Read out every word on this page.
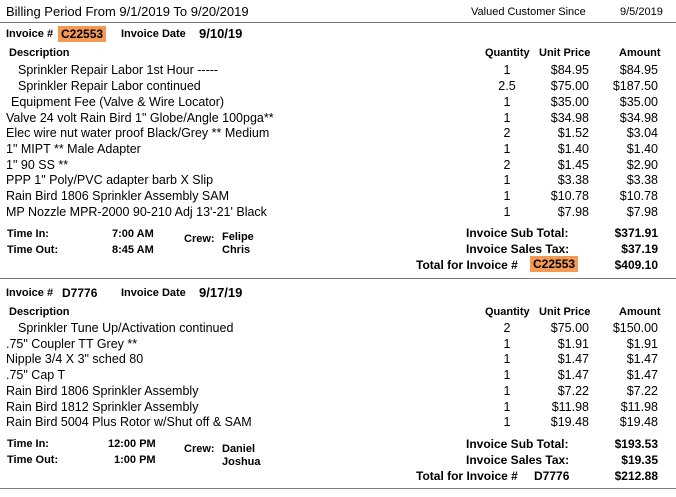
Billing Period From 9/1/2019 To 9/20/2019	Valued Customer Since	9/5/2019
Invoice # C22553 Invoice Date 9/10/19
Description	Quantity Unit Price	Amount
Sprinkler Repair Labor 1st Hour -----	1	$84.95	$84.95
Sprinkler Repair Labor continued	2.5	$75.00	$187.50
Equipment Fee (Valve & Wire Locator)	1	$35.00	$35.00
Valve 24 volt Rain Bird 1" Globe/Angle 100pga**	1	$34.98	$34.98
Elec wire nut water proof Black/Grey ** Medium	2	$1.52	$3.04
1" MIPT ** Male Adapter	1	$1.40	$1.40
1" 90 SS **	2	$1.45	$2.90
PPP 1" Poly/PVC adapter barb X Slip	1	$3.38	$3.38
Rain Bird 1806 Sprinkler Assembly SAM	1	$10.78	$10.78
MP Nozzle MPR-2000 90-210 Adj 13'-21' Black	1	$7.98	$7.98
Time In:	7:00 AM
Time Out:	8:45 AM
Crew: Felipe
Chris
Invoice Sub Total:	$371.91
Invoice Sales Tax:	$37.19
Total for Invoice # C22553	$409.10
Invoice # D7776 Invoice Date 9/17/19
Description	Quantity Unit Price	Amount
Sprinkler Tune Up/Activation continued	2	$75.00	$150.00
.75" Coupler TT Grey **	1	$1.91	$1.91
Nipple 3/4 X 3" sched 80	1	$1.47	$1.47
.75" Cap T	1	$1.47	$1.47
Rain Bird 1806 Sprinkler Assembly	1	$7.22	$7.22
Rain Bird 1812 Sprinkler Assembly	1	$11.98	$11.98
Rain Bird 5004 Plus Rotor w/Shut off & SAM	1	$19.48	$19.48
Time In:	12:00 PM
Time Out:	1:00 PM
Crew: Daniel
Joshua
Invoice Sub Total:	$193.53
Invoice Sales Tax:	$19.35
Total for Invoice # D7776	$212.88
